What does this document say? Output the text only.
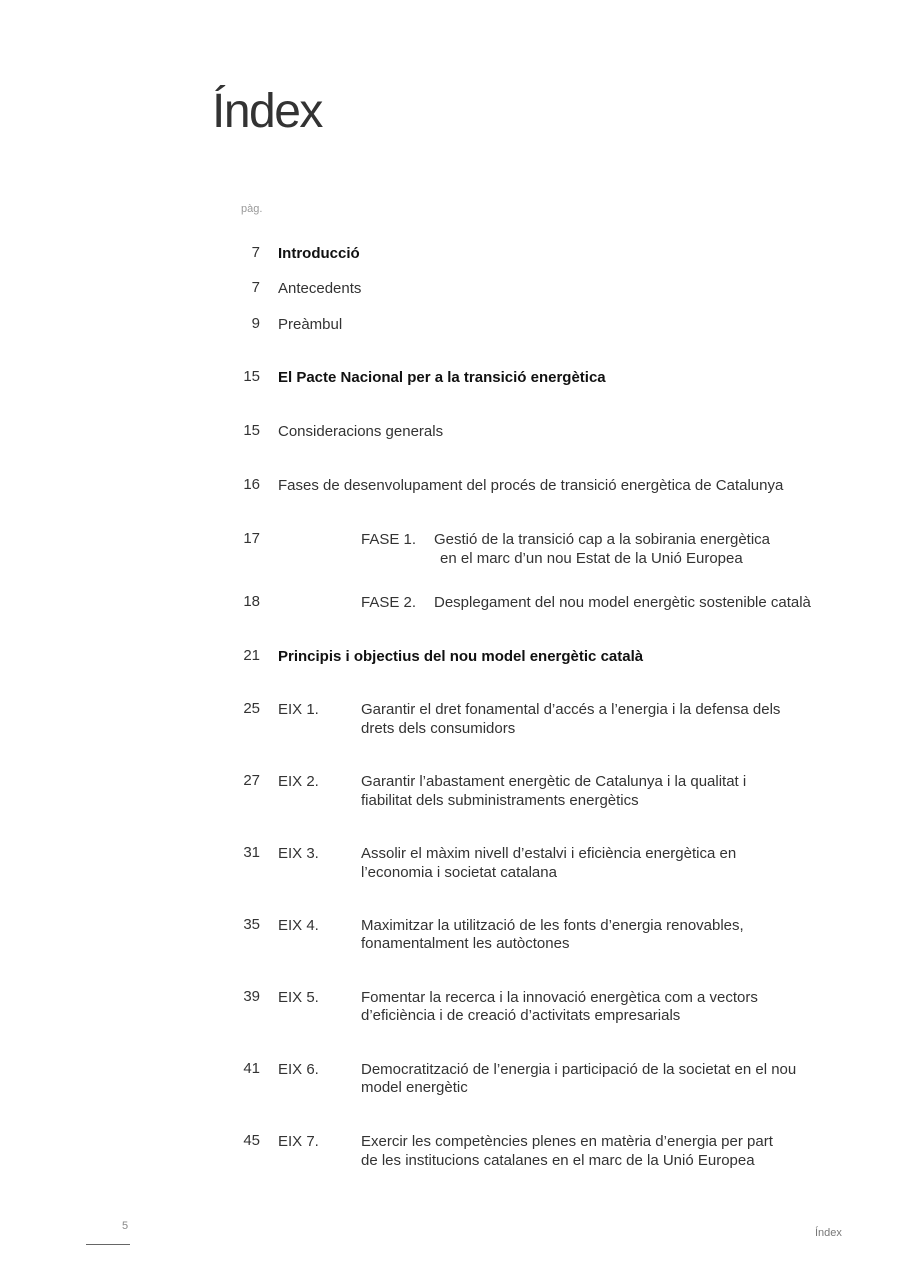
Índex
pàg.
7 Introducció
7 Antecedents
9 Preàmbul
15 El Pacte Nacional per a la transició energètica
15 Consideracions generals
16 Fases de desenvolupament del procés de transició energètica de Catalunya
17	FASE 1. Gestió de la transició cap a la sobirania energètica
en el marc d’un nou Estat de la Unió Europea
18	FASE 2. Desplegament del nou model energètic sostenible català
21 Principis i objectius del nou model energètic català
25 EIX 1.	Garantir el dret fonamental d’accés a l’energia i la defensa dels
drets dels consumidors
27 EIX 2.	Garantir l’abastament energètic de Catalunya i la qualitat i
fiabilitat dels subministraments energètics
31 EIX 3.	Assolir el màxim nivell d’estalvi i eficiència energètica en
l’economia i societat catalana
35 EIX 4.	Maximitzar la utilització de les fonts d’energia renovables,
fonamentalment les autòctones
39 EIX 5.	Fomentar la recerca i la innovació energètica com a vectors
d’eficiència i de creació d’activitats empresarials
41 EIX 6.	Democratització de l’energia i participació de la societat en el nou
model energètic
45 EIX 7.	Exercir les competències plenes en matèria d’energia per part
de les institucions catalanes en el marc de la Unió Europea
5
Índex
